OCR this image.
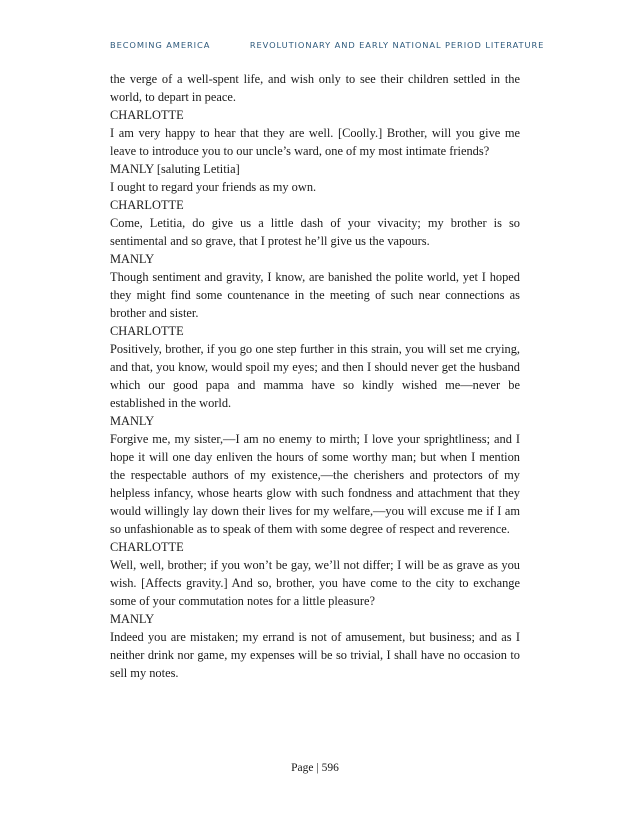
BECOMING AMERICA	REVOLUTIONARY AND EARLY NATIONAL PERIOD LITERATURE

the verge of a well-spent life, and wish only to see their children settled in the world, to depart in peace.

CHARLOTTE

I am very happy to hear that they are well. [Coolly.] Brother, will you give me leave to introduce you to our uncle’s ward, one of my most intimate friends?

MANLY [saluting Letitia]

I ought to regard your friends as my own.

CHARLOTTE

Come, Letitia, do give us a little dash of your vivacity; my brother is so sentimental and so grave, that I protest he’ll give us the vapours.

MANLY

Though sentiment and gravity, I know, are banished the polite world, yet I hoped they might find some countenance in the meeting of such near connections as brother and sister.

CHARLOTTE

Positively, brother, if you go one step further in this strain, you will set me crying, and that, you know, would spoil my eyes; and then I should never get the husband which our good papa and mamma have so kindly wished me—never be established in the world.

MANLY

Forgive me, my sister,—I am no enemy to mirth; I love your sprightliness; and I hope it will one day enliven the hours of some worthy man; but when I mention the respectable authors of my existence,—the cherishers and protectors of my helpless infancy, whose hearts glow with such fondness and attachment that they would willingly lay down their lives for my welfare,—you will excuse me if I am so unfashionable as to speak of them with some degree of respect and reverence.

CHARLOTTE

Well, well, brother; if you won’t be gay, we’ll not differ; I will be as grave as you wish. [Affects gravity.] And so, brother, you have come to the city to exchange some of your commutation notes for a little pleasure?

MANLY

Indeed you are mistaken; my errand is not of amusement, but business; and as I neither drink nor game, my expenses will be so trivial, I shall have no occasion to sell my notes.

Page | 596
